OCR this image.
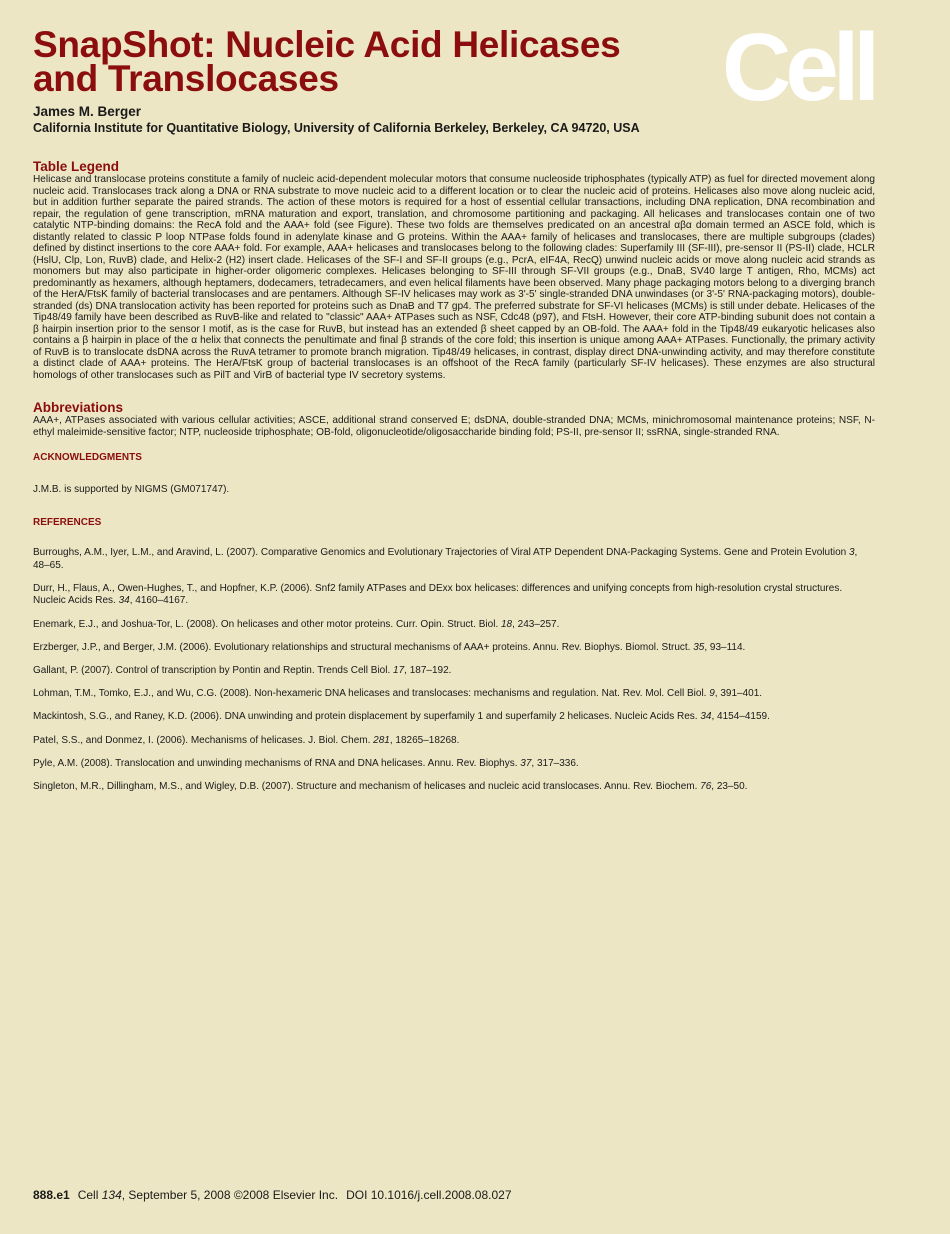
Cell
SnapShot: Nucleic Acid Helicases
and Translocases
James M. Berger
California Institute for Quantitative Biology, University of California Berkeley, Berkeley, CA 94720, USA
Table Legend

Helicase and translocase proteins constitute a family of nucleic acid-dependent molecular motors that consume nucleoside triphosphates (typically ATP) as fuel for directed movement along nucleic acid. Translocases track along a DNA or RNA substrate to move nucleic acid to a different location or to clear the nucleic acid of proteins. Helicases also move along nucleic acid, but in addition further separate the paired strands. The action of these motors is required for a host of essential cellular transactions, including DNA replication, DNA recombination and repair, the regulation of gene transcription, mRNA maturation and export, translation, and chromosome partitioning and packaging. All helicases and translocases contain one of two catalytic NTP-binding domains: the RecA fold and the AAA+ fold (see Figure). These two folds are themselves predicated on an ancestral αβα domain termed an ASCE fold, which is distantly related to classic P loop NTPase folds found in adenylate kinase and G proteins. Within the AAA+ family of helicases and translocases, there are multiple subgroups (clades) defined by distinct insertions to the core AAA+ fold. For example, AAA+ helicases and translocases belong to the following clades: Superfamily III (SF-III), pre-sensor II (PS-II) clade, HCLR (HslU, Clp, Lon, RuvB) clade, and Helix-2 (H2) insert clade. Helicases of the SF-I and SF-II groups (e.g., PcrA, eIF4A, RecQ) unwind nucleic acids or move along nucleic acid strands as monomers but may also participate in higher-order oligomeric complexes. Helicases belonging to SF-III through SF-VII groups (e.g., DnaB, SV40 large T antigen, Rho, MCMs) act predominantly as hexamers, although heptamers, dodecamers, tetradecamers, and even helical filaments have been observed. Many phage packaging motors belong to a diverging branch of the HerA/FtsK family of bacterial translocases and are pentamers. Although SF-IV helicases may work as 3'-5' single-stranded DNA unwindases (or 3'-5' RNA-packaging motors), double-stranded (ds) DNA translocation activity has been reported for proteins such as DnaB and T7 gp4. The preferred substrate for SF-VI helicases (MCMs) is still under debate. Helicases of the Tip48/49 family have been described as RuvB-like and related to "classic" AAA+ ATPases such as NSF, Cdc48 (p97), and FtsH. However, their core ATP-binding subunit does not contain a β hairpin insertion prior to the sensor I motif, as is the case for RuvB, but instead has an extended β sheet capped by an OB-fold. The AAA+ fold in the Tip48/49 eukaryotic helicases also contains a β hairpin in place of the α helix that connects the penultimate and final β strands of the core fold; this insertion is unique among AAA+ ATPases. Functionally, the primary activity of RuvB is to translocate dsDNA across the RuvA tetramer to promote branch migration. Tip48/49 helicases, in contrast, display direct DNA-unwinding activity, and may therefore constitute a distinct clade of AAA+ proteins. The HerA/FtsK group of bacterial translocases is an offshoot of the RecA family (particularly SF-IV helicases). These enzymes are also structural homologs of other translocases such as PilT and VirB of bacterial type IV secretory systems.

Abbreviations

AAA+, ATPases associated with various cellular activities; ASCE, additional strand conserved E; dsDNA, double-stranded DNA; MCMs, minichromosomal maintenance proteins; NSF, N-ethyl maleimide-sensitive factor; NTP, nucleoside triphosphate; OB-fold, oligonucleotide/oligosaccharide binding fold; PS-II, pre-sensor II; ssRNA, single-stranded RNA.

ACKNOWLEDGMENTS
J.M.B. is supported by NIGMS (GM071747).
REFERENCES
Burroughs, A.M., Iyer, L.M., and Aravind, L. (2007). Comparative Genomics and Evolutionary Trajectories of Viral ATP Dependent DNA-Packaging Systems. Gene and Protein Evolution 3, 48–65.
Durr, H., Flaus, A., Owen-Hughes, T., and Hopfner, K.P. (2006). Snf2 family ATPases and DExx box helicases: differences and unifying concepts from high-resolution crystal structures. Nucleic Acids Res. 34, 4160–4167.
Enemark, E.J., and Joshua-Tor, L. (2008). On helicases and other motor proteins. Curr. Opin. Struct. Biol. 18, 243–257.
Erzberger, J.P., and Berger, J.M. (2006). Evolutionary relationships and structural mechanisms of AAA+ proteins. Annu. Rev. Biophys. Biomol. Struct. 35, 93–114.
Gallant, P. (2007). Control of transcription by Pontin and Reptin. Trends Cell Biol. 17, 187–192.
Lohman, T.M., Tomko, E.J., and Wu, C.G. (2008). Non-hexameric DNA helicases and translocases: mechanisms and regulation. Nat. Rev. Mol. Cell Biol. 9, 391–401.
Mackintosh, S.G., and Raney, K.D. (2006). DNA unwinding and protein displacement by superfamily 1 and superfamily 2 helicases. Nucleic Acids Res. 34, 4154–4159.
Patel, S.S., and Donmez, I. (2006). Mechanisms of helicases. J. Biol. Chem. 281, 18265–18268.
Pyle, A.M. (2008). Translocation and unwinding mechanisms of RNA and DNA helicases. Annu. Rev. Biophys. 37, 317–336.
Singleton, M.R., Dillingham, M.S., and Wigley, D.B. (2007). Structure and mechanism of helicases and nucleic acid translocases. Annu. Rev. Biochem. 76, 23–50.
888.e1 Cell 134, September 5, 2008 ©2008 Elsevier Inc. DOI 10.1016/j.cell.2008.08.027
